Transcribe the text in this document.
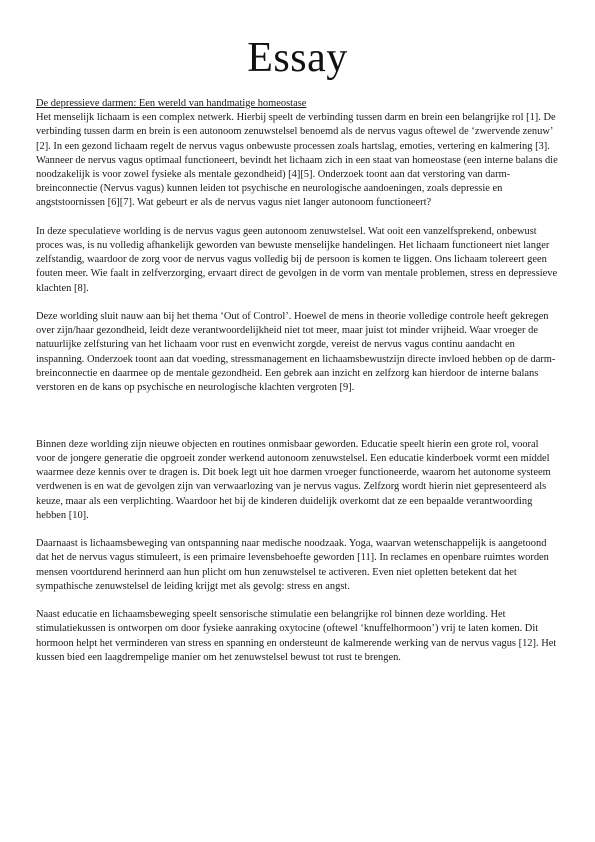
Essay
De depressieve darmen: Een wereld van handmatige homeostase

Het menselijk lichaam is een complex netwerk. Hierbij speelt de verbinding tussen darm en brein een belangrijke rol [1]. De verbinding tussen darm en brein is een autonoom zenuwstelsel benoemd als de nervus vagus oftewel de ‘zwervende zenuw’ [2]. In een gezond lichaam regelt de nervus vagus onbewuste processen zoals hartslag, emoties, vertering en kalmering [3]. Wanneer de nervus vagus optimaal functioneert, bevindt het lichaam zich in een staat van homeostase (een interne balans die noodzakelijk is voor zowel fysieke als mentale gezondheid) [4][5]. Onderzoek toont aan dat verstoring van darm-breinconnectie (Nervus vagus) kunnen leiden tot psychische en neurologische aandoeningen, zoals depressie en angststoornissen [6][7]. Wat gebeurt er als de nervus vagus niet langer autonoom functioneert?

In deze speculatieve worlding is de nervus vagus geen autonoom zenuwstelsel. Wat ooit een vanzelfsprekend, onbewust proces was, is nu volledig afhankelijk geworden van bewuste menselijke handelingen. Het lichaam functioneert niet langer zelfstandig, waardoor de zorg voor de nervus vagus volledig bij de persoon is komen te liggen. Ons lichaam tolereert geen fouten meer. Wie faalt in zelfverzorging, ervaart direct de gevolgen in de vorm van mentale problemen, stress en depressieve klachten [8].

Deze worlding sluit nauw aan bij het thema ‘Out of Control’. Hoewel de mens in theorie volledige controle heeft gekregen over zijn/haar gezondheid, leidt deze verantwoordelijkheid niet tot meer, maar juist tot minder vrijheid. Waar vroeger de natuurlijke zelfsturing van het lichaam voor rust en evenwicht zorgde, vereist de nervus vagus continu aandacht en inspanning. Onderzoek toont aan dat voeding, stressmanagement en lichaamsbewustzijn directe invloed hebben op de darm-breinconnectie en daarmee op de mentale gezondheid. Een gebrek aan inzicht en zelfzorg kan hierdoor de interne balans verstoren en de kans op psychische en neurologische klachten vergroten [9].

Binnen deze worlding zijn nieuwe objecten en routines onmisbaar geworden. Educatie speelt hierin een grote rol, vooral voor de jongere generatie die opgroeit zonder werkend autonoom zenuwstelsel. Een educatie kinderboek vormt een middel waarmee deze kennis over te dragen is. Dit boek legt uit hoe darmen vroeger functioneerde, waarom het autonome systeem verdwenen is en wat de gevolgen zijn van verwaarlozing van je nervus vagus. Zelfzorg wordt hierin niet gepresenteerd als keuze, maar als een verplichting. Waardoor het bij de kinderen duidelijk overkomt dat ze een bepaalde verantwoording hebben [10].

Daarnaast is lichaamsbeweging van ontspanning naar medische noodzaak. Yoga, waarvan wetenschappelijk is aangetoond dat het de nervus vagus stimuleert, is een primaire levensbehoefte geworden [11]. In reclames en openbare ruimtes worden mensen voortdurend herinnerd aan hun plicht om hun zenuwstelsel te activeren. Even niet opletten betekent dat het sympathische zenuwstelsel de leiding krijgt met als gevolg: stress en angst.

Naast educatie en lichaamsbeweging speelt sensorische stimulatie een belangrijke rol binnen deze worlding. Het stimulatiekussen is ontworpen om door fysieke aanraking oxytocine (oftewel ‘knuffelhormoon’) vrij te laten komen. Dit hormoon helpt het verminderen van stress en spanning en ondersteunt de kalmerende werking van de nervus vagus [12]. Het kussen bied een laagdrempelige manier om het zenuwstelsel bewust tot rust te brengen.
